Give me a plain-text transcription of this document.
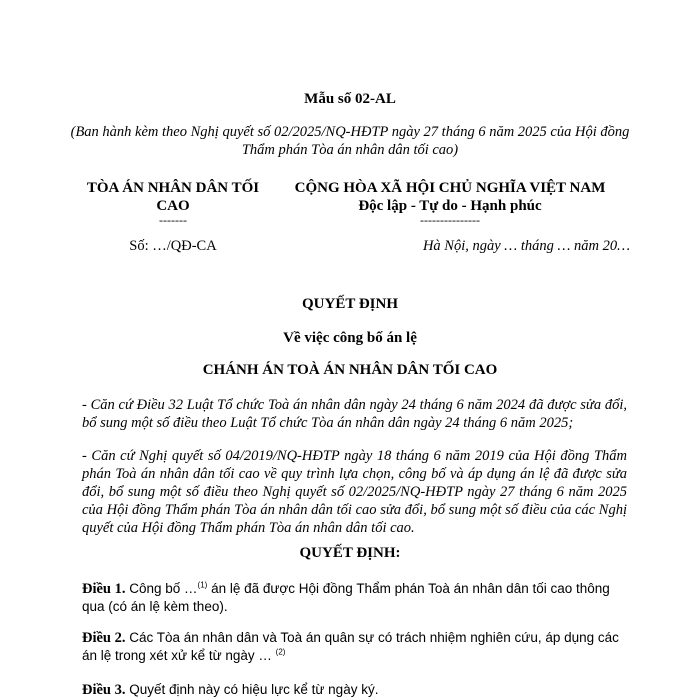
Mẫu số 02-AL
(Ban hành kèm theo Nghị quyết số 02/2025/NQ-HĐTP ngày 27 tháng 6 năm 2025 của Hội đồng Thẩm phán Tòa án nhân dân tối cao)
TÒA ÁN NHÂN DÂN TỐI CAO
-------
CỘNG HÒA XÃ HỘI CHỦ NGHĨA VIỆT NAM
Độc lập - Tự do - Hạnh phúc
---------------
Số: …/QĐ-CA	Hà Nội, ngày … tháng … năm 20…
QUYẾT ĐỊNH
Về việc công bố án lệ
CHÁNH ÁN TOÀ ÁN NHÂN DÂN TỐI CAO
- Căn cứ Điều 32 Luật Tổ chức Toà án nhân dân ngày 24 tháng 6 năm 2024 đã được sửa đổi, bổ sung một số điều theo Luật Tổ chức Tòa án nhân dân ngày 24 tháng 6 năm 2025;
- Căn cứ Nghị quyết số 04/2019/NQ-HĐTP ngày 18 tháng 6 năm 2019 của Hội đồng Thẩm phán Toà án nhân dân tối cao về quy trình lựa chọn, công bố và áp dụng án lệ đã được sửa đổi, bổ sung một số điều theo Nghị quyết số 02/2025/NQ-HĐTP ngày 27 tháng 6 năm 2025 của Hội đồng Thẩm phán Tòa án nhân dân tối cao sửa đổi, bổ sung một số điều của các Nghị quyết của Hội đồng Thẩm phán Tòa án nhân dân tối cao.
QUYẾT ĐỊNH:
Điều 1. Công bố …$^{(1)}$ án lệ đã được Hội đồng Thẩm phán Toà án nhân dân tối cao thông qua (có án lệ kèm theo).
Điều 2. Các Tòa án nhân dân và Toà án quân sự có trách nhiệm nghiên cứu, áp dụng các án lệ trong xét xử kể từ ngày … $^{(2)}$
Điều 3. Quyết định này có hiệu lực kể từ ngày ký.
